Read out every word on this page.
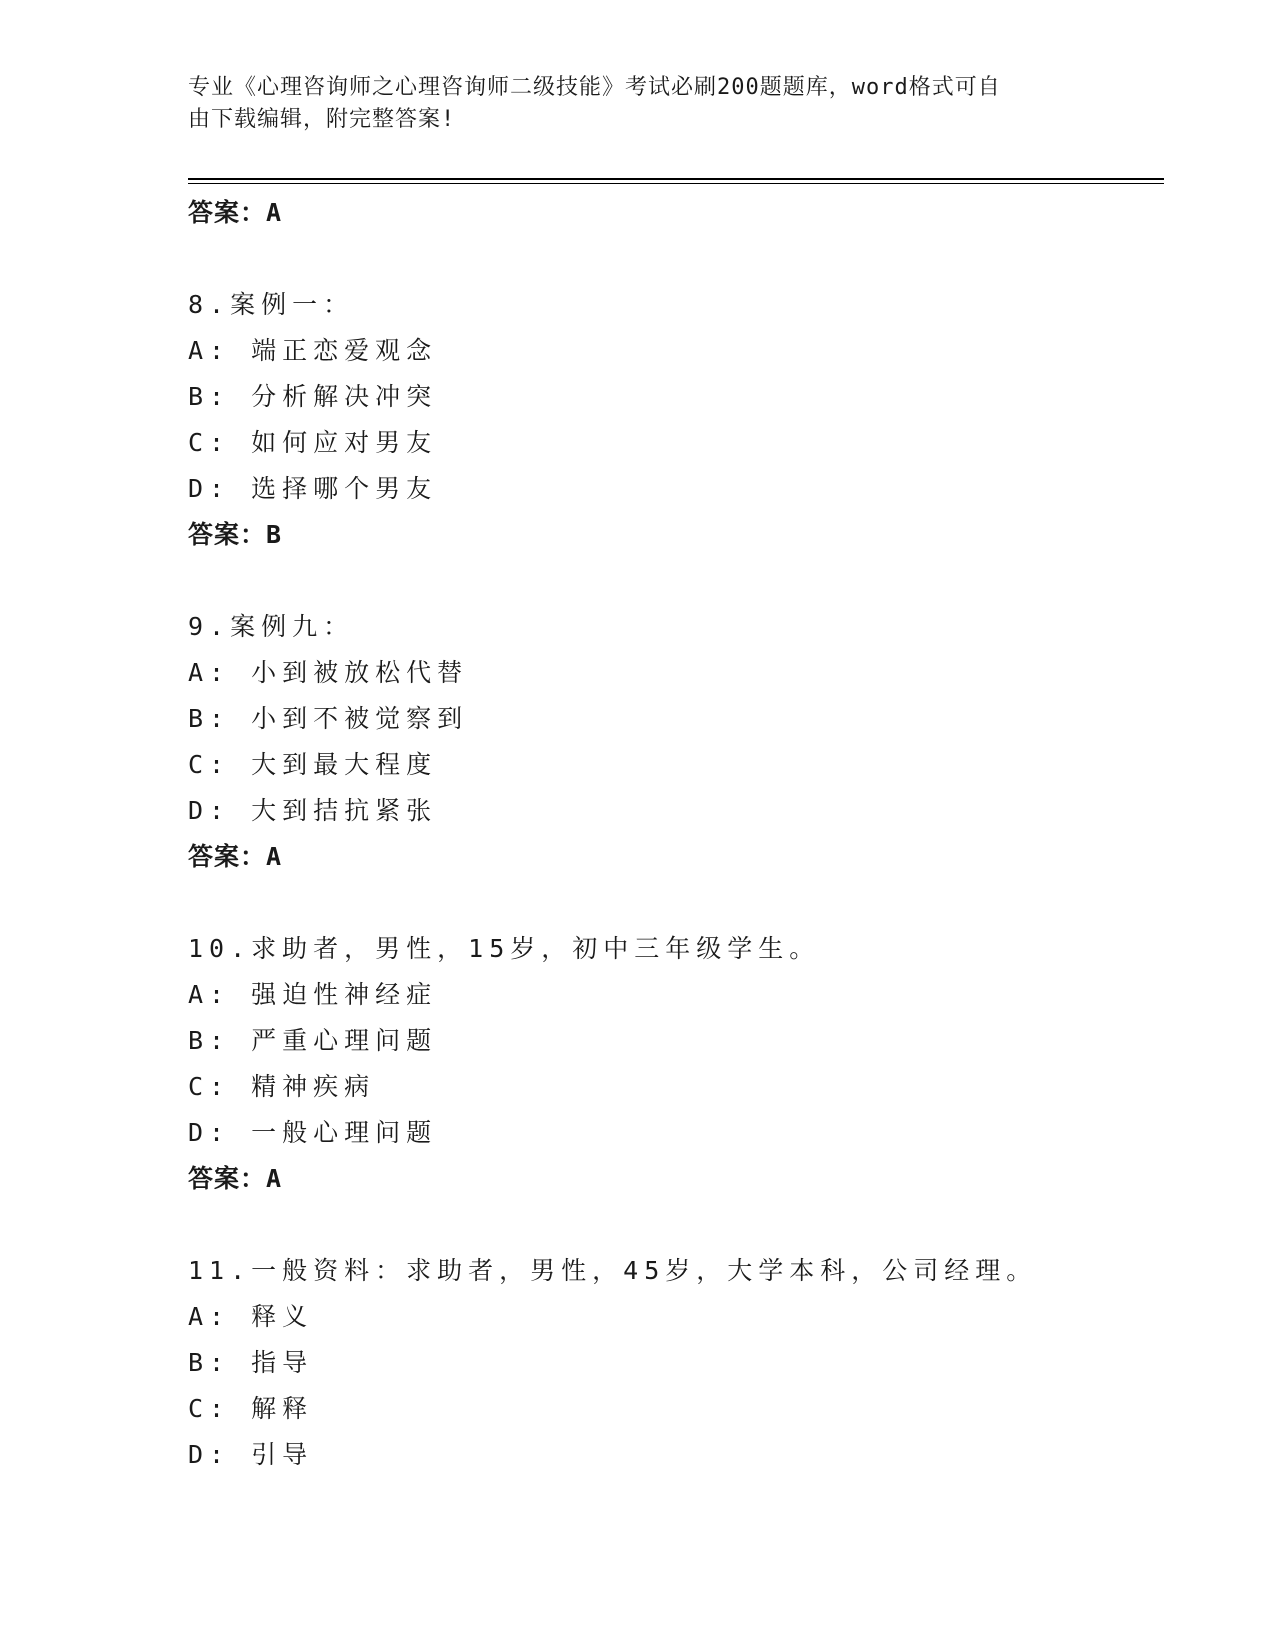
专业《心理咨询师之心理咨询师二级技能》考试必刷200题题库，word格式可自
由下载编辑，附完整答案!
答案：A
8.案例一：
A: 端正恋爱观念
B: 分析解决冲突
C: 如何应对男友
D: 选择哪个男友
答案：B
9.案例九：
A: 小到被放松代替
B: 小到不被觉察到
C: 大到最大程度
D: 大到拮抗紧张
答案：A
10.求助者，男性，15岁，初中三年级学生。
A: 强迫性神经症
B: 严重心理问题
C: 精神疾病
D: 一般心理问题
答案：A
11.一般资料：求助者，男性，45岁，大学本科，公司经理。
A: 释义
B: 指导
C: 解释
D: 引导
